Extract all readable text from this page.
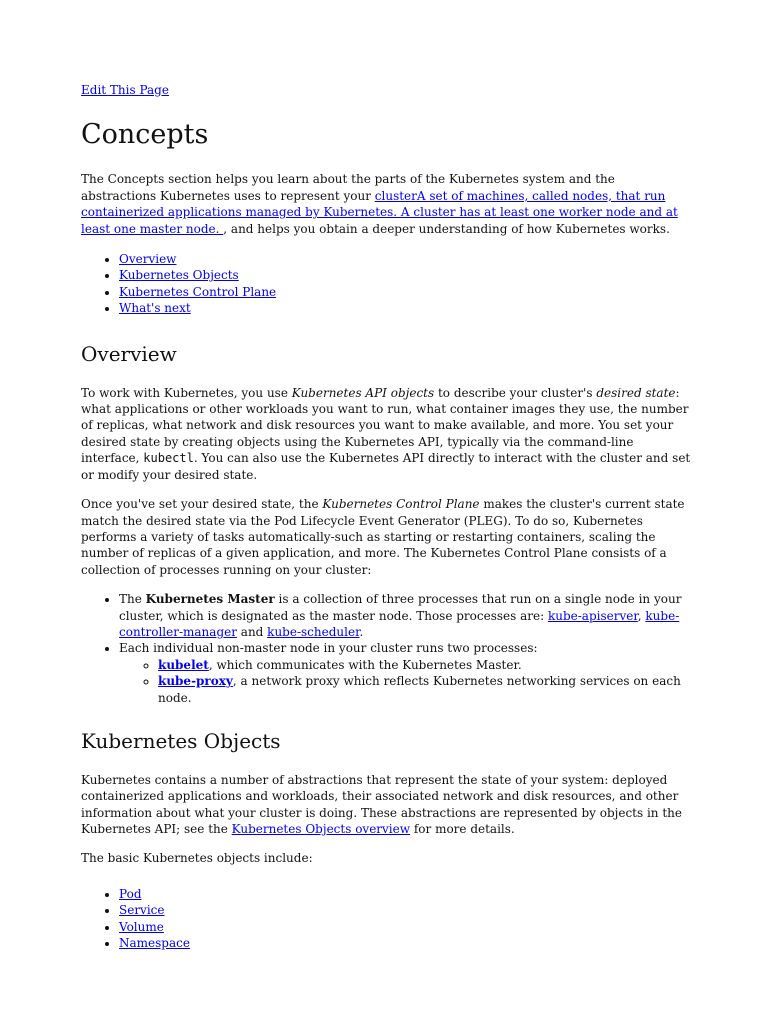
Edit This Page
Concepts

The Concepts section helps you learn about the parts of the Kubernetes system and the abstractions Kubernetes uses to represent your clusterA set of machines, called nodes, that run containerized applications managed by Kubernetes. A cluster has at least one worker node and at least one master node. , and helps you obtain a deeper understanding of how Kubernetes works.

• Overview
• Kubernetes Objects
• Kubernetes Control Plane
• What's next
Overview

To work with Kubernetes, you use Kubernetes API objects to describe your cluster's desired state: what applications or other workloads you want to run, what container images they use, the number of replicas, what network and disk resources you want to make available, and more. You set your desired state by creating objects using the Kubernetes API, typically via the command-line interface, kubectl. You can also use the Kubernetes API directly to interact with the cluster and set or modify your desired state.

Once you've set your desired state, the Kubernetes Control Plane makes the cluster's current state match the desired state via the Pod Lifecycle Event Generator (PLEG). To do so, Kubernetes performs a variety of tasks automatically-such as starting or restarting containers, scaling the number of replicas of a given application, and more. The Kubernetes Control Plane consists of a collection of processes running on your cluster:

• The Kubernetes Master is a collection of three processes that run on a single node in your cluster, which is designated as the master node. Those processes are: kube-apiserver, kube-controller-manager and kube-scheduler.
• Each individual non-master node in your cluster runs two processes:
◦ kubelet, which communicates with the Kubernetes Master.
◦ kube-proxy, a network proxy which reflects Kubernetes networking services on each node.
Kubernetes Objects

Kubernetes contains a number of abstractions that represent the state of your system: deployed containerized applications and workloads, their associated network and disk resources, and other information about what your cluster is doing. These abstractions are represented by objects in the Kubernetes API; see the Kubernetes Objects overview for more details.

The basic Kubernetes objects include:

• Pod
• Service
• Volume
• Namespace
